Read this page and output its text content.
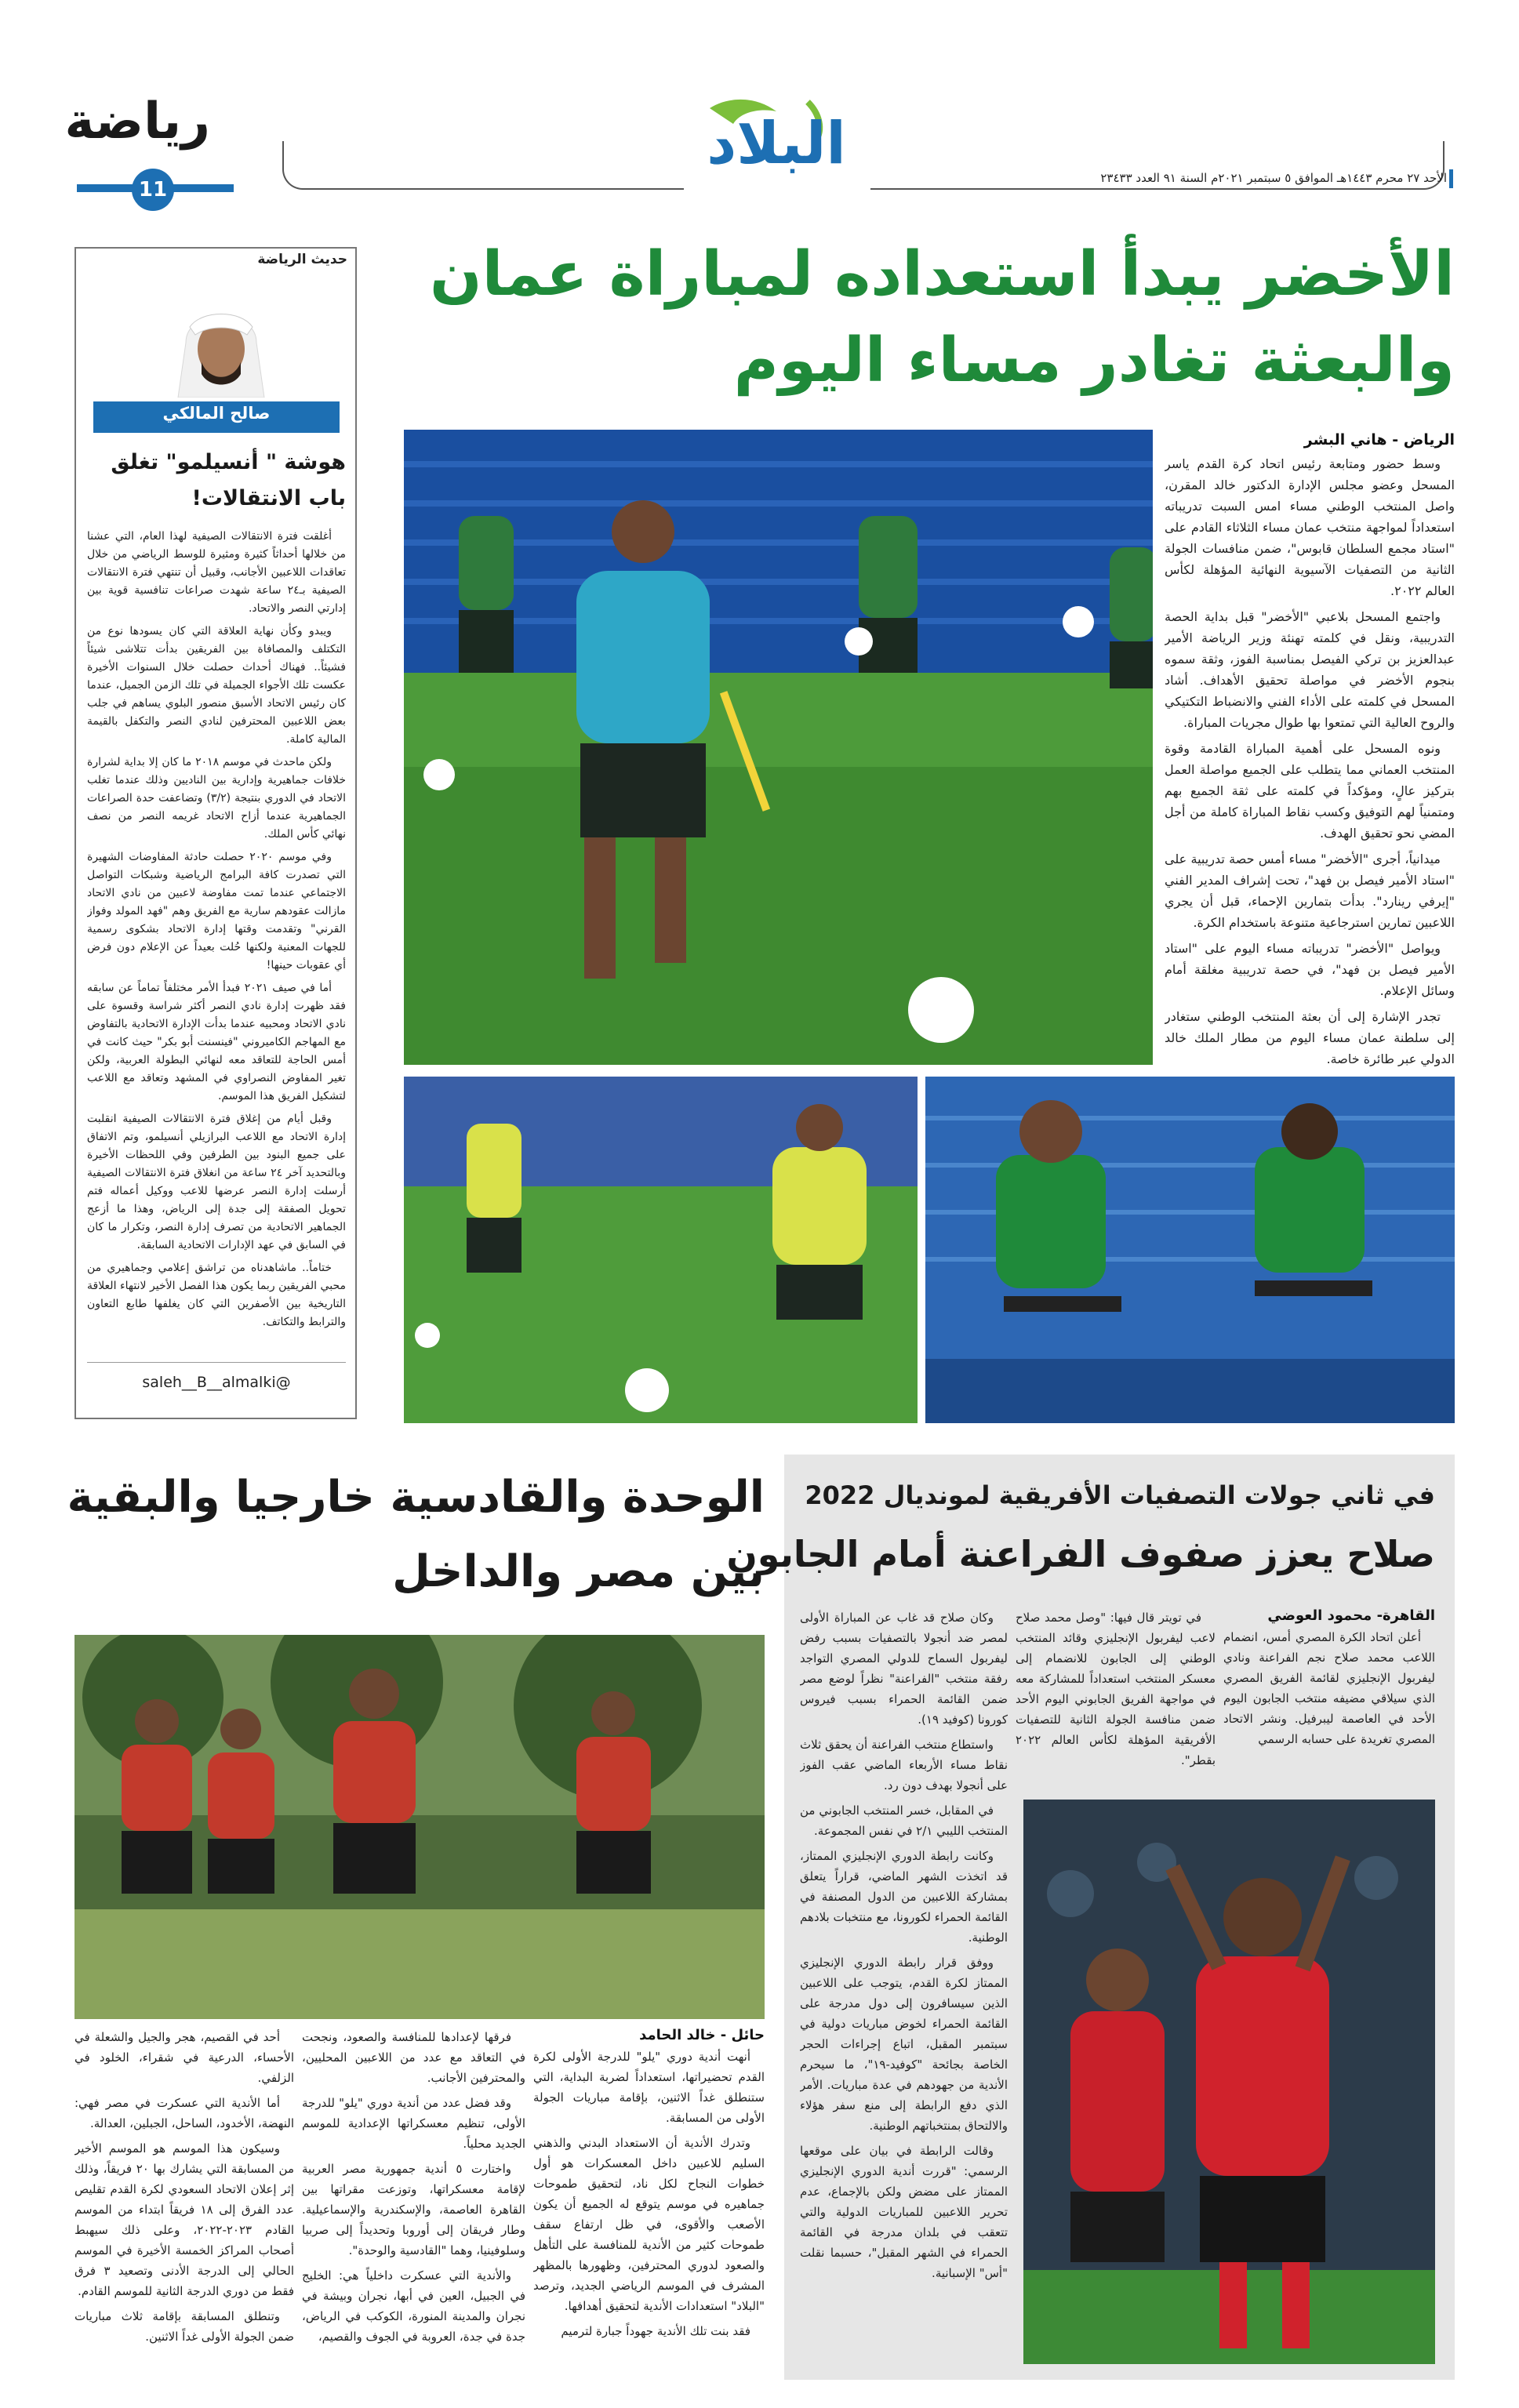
رياضة
11
البلاد
الأحد ٢٧ محرم ١٤٤٣هـ الموافق ٥ سبتمبر ٢٠٢١م السنة ٩١ العدد ٢٣٤٣٣
الأخضر يبدأ استعداده لمباراة عمان
والبعثة تغادر مساء اليوم
الرياض - هاني البشر

وسط حضور ومتابعة رئيس اتحاد كرة القدم ياسر المسحل وعضو مجلس الإدارة الدكتور خالد المقرن، واصل المنتخب الوطني مساء امس السبت تدريباته استعداداً لمواجهة منتخب عمان مساء الثلاثاء القادم على "استاد مجمع السلطان قابوس"، ضمن منافسات الجولة الثانية من التصفيات الآسيوية النهائية المؤهلة لكأس العالم ٢٠٢٢.

واجتمع المسحل بلاعبي "الأخضر" قبل بداية الحصة التدريبية، ونقل في كلمته تهنئة وزير الرياضة الأمير عبدالعزيز بن تركي الفيصل بمناسبة الفوز، وثقة سموه بنجوم الأخضر في مواصلة تحقيق الأهداف. أشاد المسحل في كلمته على الأداء الفني والانضباط التكتيكي والروح العالية التي تمتعوا بها طوال مجريات المباراة.

ونوه المسحل على أهمية المباراة القادمة وقوة المنتخب العماني مما يتطلب على الجميع مواصلة العمل بتركيز عالٍ، ومؤكداً في كلمته على ثقة الجميع بهم ومتمنياً لهم التوفيق وكسب نقاط المباراة كاملة من أجل المضي نحو تحقيق الهدف.

ميدانياً، أجرى "الأخضر" مساء أمس حصة تدريبية على "استاد الأمير فيصل بن فهد"، تحت إشراف المدير الفني "إيرفي رينارد". بدأت بتمارين الإحماء، قبل أن يجري اللاعبين تمارين استرجاعية متنوعة باستخدام الكرة.

ويواصل "الأخضر" تدريباته مساء اليوم على "استاد الأمير فيصل بن فهد"، في حصة تدريبية مغلقة أمام وسائل الإعلام.

تجدر الإشارة إلى أن بعثة المنتخب الوطني ستغادر إلى سلطنة عمان مساء اليوم من مطار الملك خالد الدولي عبر طائرة خاصة.

حديث الرياضة
صالح المالكي
هوشة " أنسيلمو" تغلق باب الانتقالات!

أغلقت فترة الانتقالات الصيفية لهذا العام، التي عشنا من خلالها أحداثاً كثيرة ومثيرة للوسط الرياضي من خلال تعاقدات اللاعبين الأجانب، وقبيل أن تنتهي فترة الانتقالات الصيفية بـ٢٤ ساعة شهدت صراعات تنافسية قوية بين إدارتي النصر والاتحاد.

ويبدو وكأن نهاية العلاقة التي كان يسودها نوع من التكتلف والمصافاة بين الفريقين بدأت تتلاشى شيئاً فشيئاً.. فهناك أحداث حصلت خلال السنوات الأخيرة عكست تلك الأجواء الجميلة في تلك الزمن الجميل، عندما كان رئيس الاتحاد الأسبق منصور البلوي يساهم في جلب بعض اللاعبين المحترفين لنادي النصر والتكفل بالقيمة المالية كاملة.

ولكن ماحدث في موسم ٢٠١٨ ما كان إلا بداية لشرارة خلافات جماهيرية وإدارية بين الناديين وذلك عندما تغلب الاتحاد في الدوري بنتيجة (٣/٢) وتضاعفت حدة الصراعات الجماهيرية عندما أزاح الاتحاد غريمه النصر من نصف نهائي كأس الملك.

وفي موسم ٢٠٢٠ حصلت حادثة المفاوضات الشهيرة التي تصدرت كافة البرامج الرياضية وشبكات التواصل الاجتماعي عندما تمت مفاوضة لاعبين من نادي الاتحاد مازالت عقودهم سارية مع الفريق وهم "فهد المولد وفواز القرني" وتقدمت وقتها إدارة الاتحاد بشكوى رسمية للجهات المعنية ولكنها حُلت بعيداً عن الإعلام دون فرض أي عقوبات حينها!

أما في صيف ٢٠٢١ فبدأ الأمر مختلفاً تماماً عن سابقه فقد ظهرت إدارة نادي النصر أكثر شراسة وقسوة على نادي الاتحاد ومحبيه عندما بدأت الإدارة الاتحادية بالتفاوض مع المهاجم الكاميروني "فينسنت أبو بكر" حيث كانت في أمس الحاجة للتعاقد معه لنهائي البطولة العربية، ولكن تغير المفاوض النصراوي في المشهد وتعاقد مع اللاعب لتشكيل الفريق هذا الموسم.

وقبل أيام من إغلاق فترة الانتقالات الصيفية انقلبت إدارة الاتحاد مع اللاعب البرازيلي أنسيلمو، وتم الاتفاق على جميع البنود بين الطرفين وفي اللحظات الأخيرة وبالتحديد آخر ٢٤ ساعة من انغلاق فترة الانتقالات الصيفية أرسلت إدارة النصر عرضها للاعب ووكيل أعماله فتم تحويل الصفقة إلى جدة إلى الرياض، وهذا ما أزعج الجماهير الاتحادية من تصرف إدارة النصر، وتكرار ما كان في السابق في عهد الإدارات الاتحادية السابقة.

ختاماً.. ماشاهدناه من تراشق إعلامي وجماهيري من محبي الفريقين ربما يكون هذا الفصل الأخير لانتهاء العلاقة التاريخية بين الأصفرين التي كان يغلفها طابع التعاون والترابط والتكاتف.

saleh__B__almalki@
في ثاني جولات التصفيات الأفريقية لمونديال 2022
صلاح يعزز صفوف الفراعنة أمام الجابون
القاهرة- محمود العوضي

أعلن اتحاد الكرة المصري أمس، انضمام اللاعب محمد صلاح نجم الفراعنة ونادي ليفربول الإنجليزي لقائمة الفريق المصري الذي سيلاقي مضيفه منتخب الجابون اليوم الأحد في العاصمة ليبرفيل. ونشر الاتحاد المصري تغريدة على حسابه الرسمي

في تويتر قال فيها: "وصل محمد صلاح لاعب ليفربول الإنجليزي وقائد المنتخب الوطني إلى الجابون للانضمام إلى معسكر المنتخب استعداداً للمشاركة معه في مواجهة الفريق الجابوني اليوم الأحد ضمن منافسة الجولة الثانية للتصفيات الأفريقية المؤهلة لكأس العالم ٢٠٢٢ بقطر".

وكان صلاح قد غاب عن المباراة الأولى لمصر ضد أنجولا بالتصفيات بسبب رفض ليفربول السماح للدولي المصري التواجد رفقة منتخب "الفراعنة" نظراً لوضع مصر ضمن القائمة الحمراء بسبب فيروس كورونا (كوفيد ١٩).

واستطاع منتخب الفراعنة أن يحقق ثلاث نقاط مساء الأربعاء الماضي عقب الفوز على أنجولا بهدف دون رد.

في المقابل، خسر المنتخب الجابوني من المنتخب الليبي ٢/١ في نفس المجموعة.

وكانت رابطة الدوري الإنجليزي الممتاز، قد اتخذت الشهر الماضي، قراراً يتعلق بمشاركة اللاعبين من الدول المصنفة في القائمة الحمراء لكورونا، مع منتخبات بلادهم الوطنية.

ووفق قرار رابطة الدوري الإنجليزي الممتاز لكرة القدم، يتوجب على اللاعبين الذين سيسافرون إلى دول مدرجة على القائمة الحمراء لخوض مباريات دولية في سبتمبر المقبل، اتباع إجراءات الحجر الخاصة بجائحة "كوفيد-١٩"، ما سيحرم الأندية من جهودهم في عدة مباريات. الأمر الذي دفع الرابطة إلى منع سفر هؤلاء والالتحاق بمنتخباتهم الوطنية.

وقالت الرابطة في بيان على موقعها الرسمي: "قررت أندية الدوري الإنجليزي الممتاز على مضض ولكن بالإجماع، عدم تحرير اللاعبين للمباريات الدولية والتي تتعقب في بلدان مدرجة في القائمة الحمراء في الشهر المقبل"، حسبما نقلت "أس" الإسبانية.

الوحدة والقادسية خارجيا والبقية
بين مصر والداخل
حائل - خالد الحامد

أنهت أندية دوري "يلو" للدرجة الأولى لكرة القدم تحضيراتها، استعداداً لضربة البداية، التي ستنطلق غداً الاثنين، بإقامة مباريات الجولة الأولى من المسابقة.

وتدرك الأندية أن الاستعداد البدني والذهني السليم للاعبين داخل المعسكرات هو أول خطوات النجاح لكل ناد، لتحقيق طموحات جماهيره في موسم يتوقع له الجميع أن يكون الأصعب والأقوى، في ظل ارتفاع سقف طموحات كثير من الأندية للمنافسة على التأهل والصعود لدوري المحترفين، وظهورها بالمظهر المشرف في الموسم الرياضي الجديد، وترصد "البلاد" استعدادات الأندية لتحقيق أهدافها.

فقد بنت تلك الأندية جهوداً جبارة لترميم

فرقها لإعدادها للمنافسة والصعود، ونجحت في التعاقد مع عدد من اللاعبين المحليين، والمحترفين الأجانب.

وقد فضل عدد من أندية دوري "يلو" للدرجة الأولى، تنظيم معسكراتها الإعدادية للموسم الجديد محلياً.

واختارت ٥ أندية جمهورية مصر العربية لإقامة معسكراتها، وتوزعت مقراتها بين القاهرة العاصمة، والإسكندرية والإسماعيلية. وطار فريقان إلى أوروبا وتحديداً إلى صربيا وسلوفينيا، وهما "القادسية والوحدة".

والأندية التي عسكرت داخلياً هي: الخليج في الجبيل، العين في أبها، نجران وبيشة في نجران والمدينة المنورة، الكوكب في الرياض، جدة في جدة، العروبة في الجوف والقصيم،

أحد في القصيم، هجر والجيل والشعلة في الأحساء، الدرعية في شقراء، الخلود في الزلفي.

أما الأندية التي عسكرت في مصر فهي: النهضة، الأخدود، الساحل، الجبلين، العدالة.

وسيكون هذا الموسم هو الموسم الأخير من المسابقة التي يشارك بها ٢٠ فريقاً، وذلك إثر إعلان الاتحاد السعودي لكرة القدم تقليص عدد الفرق إلى ١٨ فريقاً ابتداء من الموسم القادم ٢٠٢٣-٢٠٢٢، وعلى ذلك سيهبط أصحاب المراكز الخمسة الأخيرة في الموسم الحالي إلى الدرجة الأدنى وتصعيد ٣ فرق فقط من دوري الدرجة الثانية للموسم القادم.

وتنطلق المسابقة بإقامة ثلاث مباريات ضمن الجولة الأولى غداً الاثنين.
